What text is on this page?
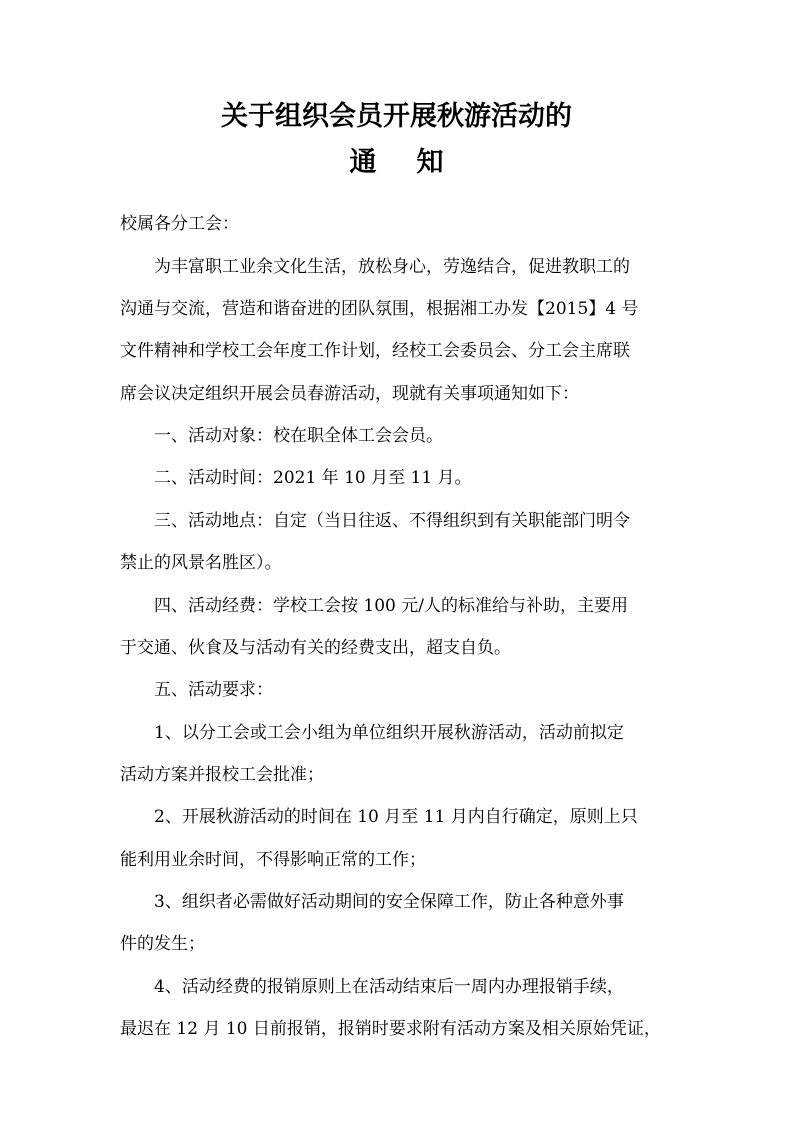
关于组织会员开展秋游活动的
通知
校属各分工会：
为丰富职工业余文化生活，放松身心，劳逸结合，促进教职工的
沟通与交流，营造和谐奋进的团队氛围，根据湘工办发【2015】4 号
文件精神和学校工会年度工作计划，经校工会委员会、分工会主席联
席会议决定组织开展会员春游活动，现就有关事项通知如下：
一、活动对象：校在职全体工会会员。
二、活动时间：2021 年 10 月至 11 月。
三、活动地点：自定（当日往返、不得组织到有关职能部门明令
禁止的风景名胜区）。
四、活动经费：学校工会按 100 元/人的标准给与补助，主要用
于交通、伙食及与活动有关的经费支出，超支自负。
五、活动要求：
1、以分工会或工会小组为单位组织开展秋游活动，活动前拟定
活动方案并报校工会批准；
2、开展秋游活动的时间在 10 月至 11 月内自行确定，原则上只
能利用业余时间，不得影响正常的工作；
3、组织者必需做好活动期间的安全保障工作，防止各种意外事
件的发生；
4、活动经费的报销原则上在活动结束后一周内办理报销手续，
最迟在 12 月 10 日前报销，报销时要求附有活动方案及相关原始凭证，
